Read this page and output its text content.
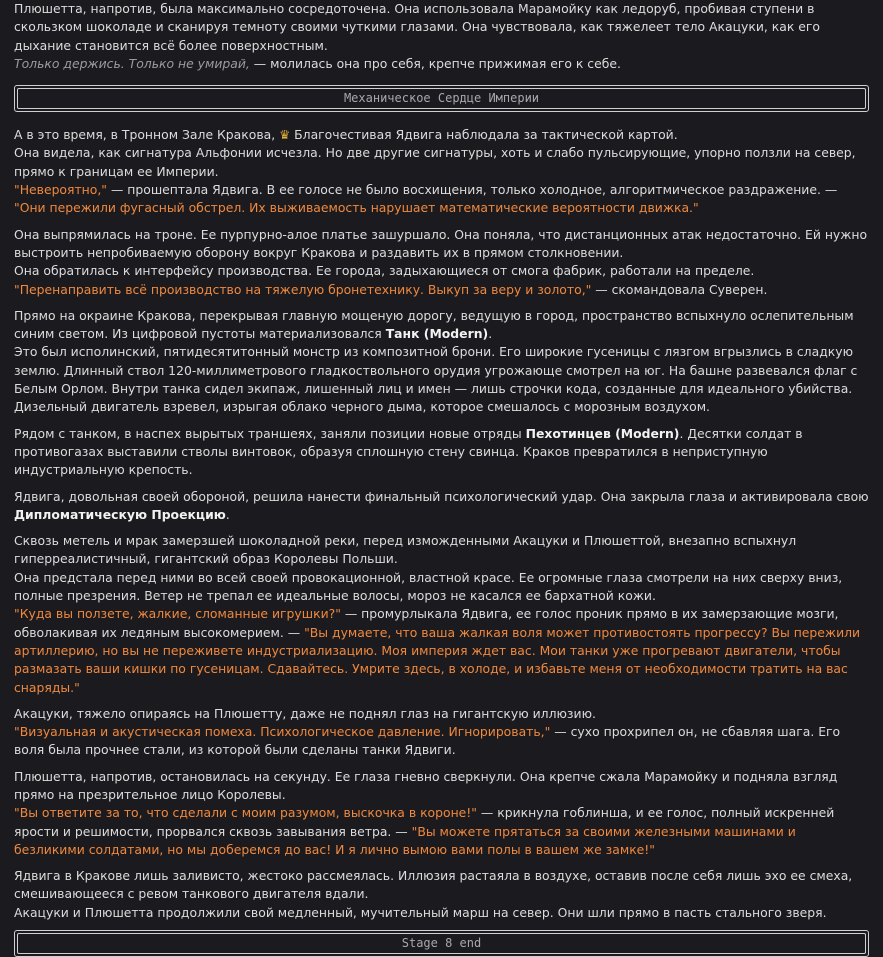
Плюшетта, напротив, была максимально сосредоточена. Она использовала Марамойку как ледоруб, пробивая ступени в скользком шоколаде и сканируя темноту своими чуткими глазами. Она чувствовала, как тяжелеет тело Акацуки, как его дыхание становится всё более поверхностным.
Только держись. Только не умирай, — молилась она про себя, крепче прижимая его к себе.
Механическое Сердце Империи
А в это время, в Тронном Зале Кракова, ♛ Благочестивая Ядвига наблюдала за тактической картой.
Она видела, как сигнатура Альфонии исчезла. Но две другие сигнатуры, хоть и слабо пульсирующие, упорно ползли на север, прямо к границам ее Империи.
"Невероятно," — прошептала Ядвига. В ее голосе не было восхищения, только холодное, алгоритмическое раздражение. — "Они пережили фугасный обстрел. Их выживаемость нарушает математические вероятности движка."
Она выпрямилась на троне. Ее пурпурно-алое платье зашуршало. Она поняла, что дистанционных атак недостаточно. Ей нужно выстроить непробиваемую оборону вокруг Кракова и раздавить их в прямом столкновении.
Она обратилась к интерфейсу производства. Ее города, задыхающиеся от смога фабрик, работали на пределе.
"Перенаправить всё производство на тяжелую бронетехнику. Выкуп за веру и золото," — скомандовала Суверен.
Прямо на окраине Кракова, перекрывая главную мощеную дорогу, ведущую в город, пространство вспыхнуло ослепительным синим светом. Из цифровой пустоты материализовался Танк (Modern).
Это был исполинский, пятидесятитонный монстр из композитной брони. Его широкие гусеницы с лязгом вгрызлись в сладкую землю. Длинный ствол 120-миллиметрового гладкоствольного орудия угрожающе смотрел на юг. На башне развевался флаг с Белым Орлом. Внутри танка сидел экипаж, лишенный лиц и имен — лишь строчки кода, созданные для идеального убийства. Дизельный двигатель взревел, изрыгая облако черного дыма, которое смешалось с морозным воздухом.
Рядом с танком, в наспех вырытых траншеях, заняли позиции новые отряды Пехотинцев (Modern). Десятки солдат в противогазах выставили стволы винтовок, образуя сплошную стену свинца. Краков превратился в неприступную индустриальную крепость.
Ядвига, довольная своей обороной, решила нанести финальный психологический удар. Она закрыла глаза и активировала свою Дипломатическую Проекцию.
Сквозь метель и мрак замерзшей шоколадной реки, перед изможденными Акацуки и Плюшеттой, внезапно вспыхнул гиперреалистичный, гигантский образ Королевы Польши.
Она предстала перед ними во всей своей провокационной, властной красе. Ее огромные глаза смотрели на них сверху вниз, полные презрения. Ветер не трепал ее идеальные волосы, мороз не касался ее бархатной кожи.
"Куда вы ползете, жалкие, сломанные игрушки?" — промурлыкала Ядвига, ее голос проник прямо в их замерзающие мозги, обволакивая их ледяным высокомерием. — "Вы думаете, что ваша жалкая воля может противостоять прогрессу? Вы пережили артиллерию, но вы не переживете индустриализацию. Моя империя ждет вас. Мои танки уже прогревают двигатели, чтобы размазать ваши кишки по гусеницам. Сдавайтесь. Умрите здесь, в холоде, и избавьте меня от необходимости тратить на вас снаряды."
Акацуки, тяжело опираясь на Плюшетту, даже не поднял глаз на гигантскую иллюзию.
"Визуальная и акустическая помеха. Психологическое давление. Игнорировать," — сухо прохрипел он, не сбавляя шага. Его воля была прочнее стали, из которой были сделаны танки Ядвиги.
Плюшетта, напротив, остановилась на секунду. Ее глаза гневно сверкнули. Она крепче сжала Марамойку и подняла взгляд прямо на презрительное лицо Королевы.
"Вы ответите за то, что сделали с моим разумом, выскочка в короне!" — крикнула гоблинша, и ее голос, полный искренней ярости и решимости, прорвался сквозь завывания ветра. — "Вы можете прятаться за своими железными машинами и безликими солдатами, но мы доберемся до вас! И я лично вымою вами полы в вашем же замке!"
Ядвига в Кракове лишь заливисто, жестоко рассмеялась. Иллюзия растаяла в воздухе, оставив после себя лишь эхо ее смеха, смешивающееся с ревом танкового двигателя вдали.
Акацуки и Плюшетта продолжили свой медленный, мучительный марш на север. Они шли прямо в пасть стального зверя.
Stage 8 end
